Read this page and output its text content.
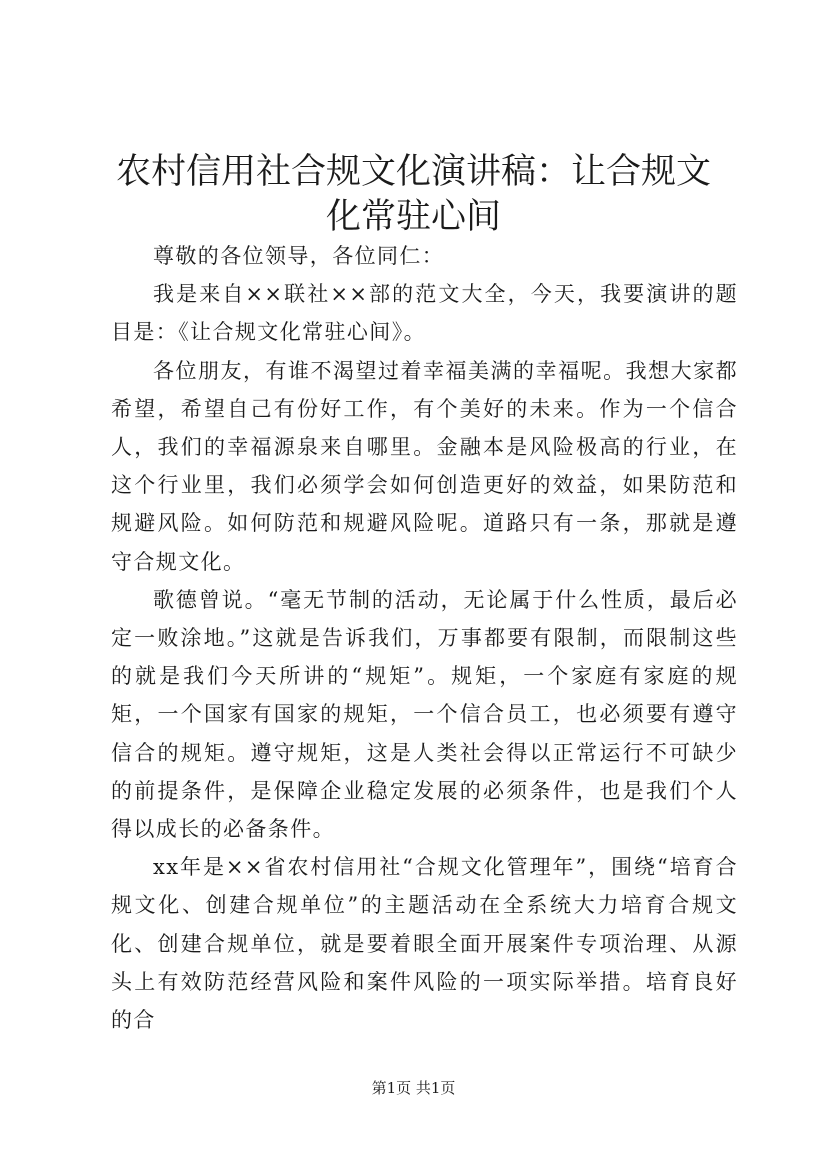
农村信用社合规文化演讲稿：让合规文化常驻心间

尊敬的各位领导，各位同仁：

我是来自××联社××部的范文大全，今天，我要演讲的题目是：《让合规文化常驻心间》。

各位朋友，有谁不渴望过着幸福美满的幸福呢。我想大家都希望，希望自己有份好工作，有个美好的未来。作为一个信合人，我们的幸福源泉来自哪里。金融本是风险极高的行业，在这个行业里，我们必须学会如何创造更好的效益，如果防范和规避风险。如何防范和规避风险呢。道路只有一条，那就是遵守合规文化。

歌德曾说。“毫无节制的活动，无论属于什么性质，最后必定一败涂地。”这就是告诉我们，万事都要有限制，而限制这些的就是我们今天所讲的“规矩”。规矩，一个家庭有家庭的规矩，一个国家有国家的规矩，一个信合员工，也必须要有遵守信合的规矩。遵守规矩，这是人类社会得以正常运行不可缺少的前提条件，是保障企业稳定发展的必须条件，也是我们个人得以成长的必备条件。

xx年是××省农村信用社“合规文化管理年”，围绕“培育合规文化、创建合规单位”的主题活动在全系统大力培育合规文化、创建合规单位，就是要着眼全面开展案件专项治理、从源头上有效防范经营风险和案件风险的一项实际举措。培育良好的合

第1页 共1页
